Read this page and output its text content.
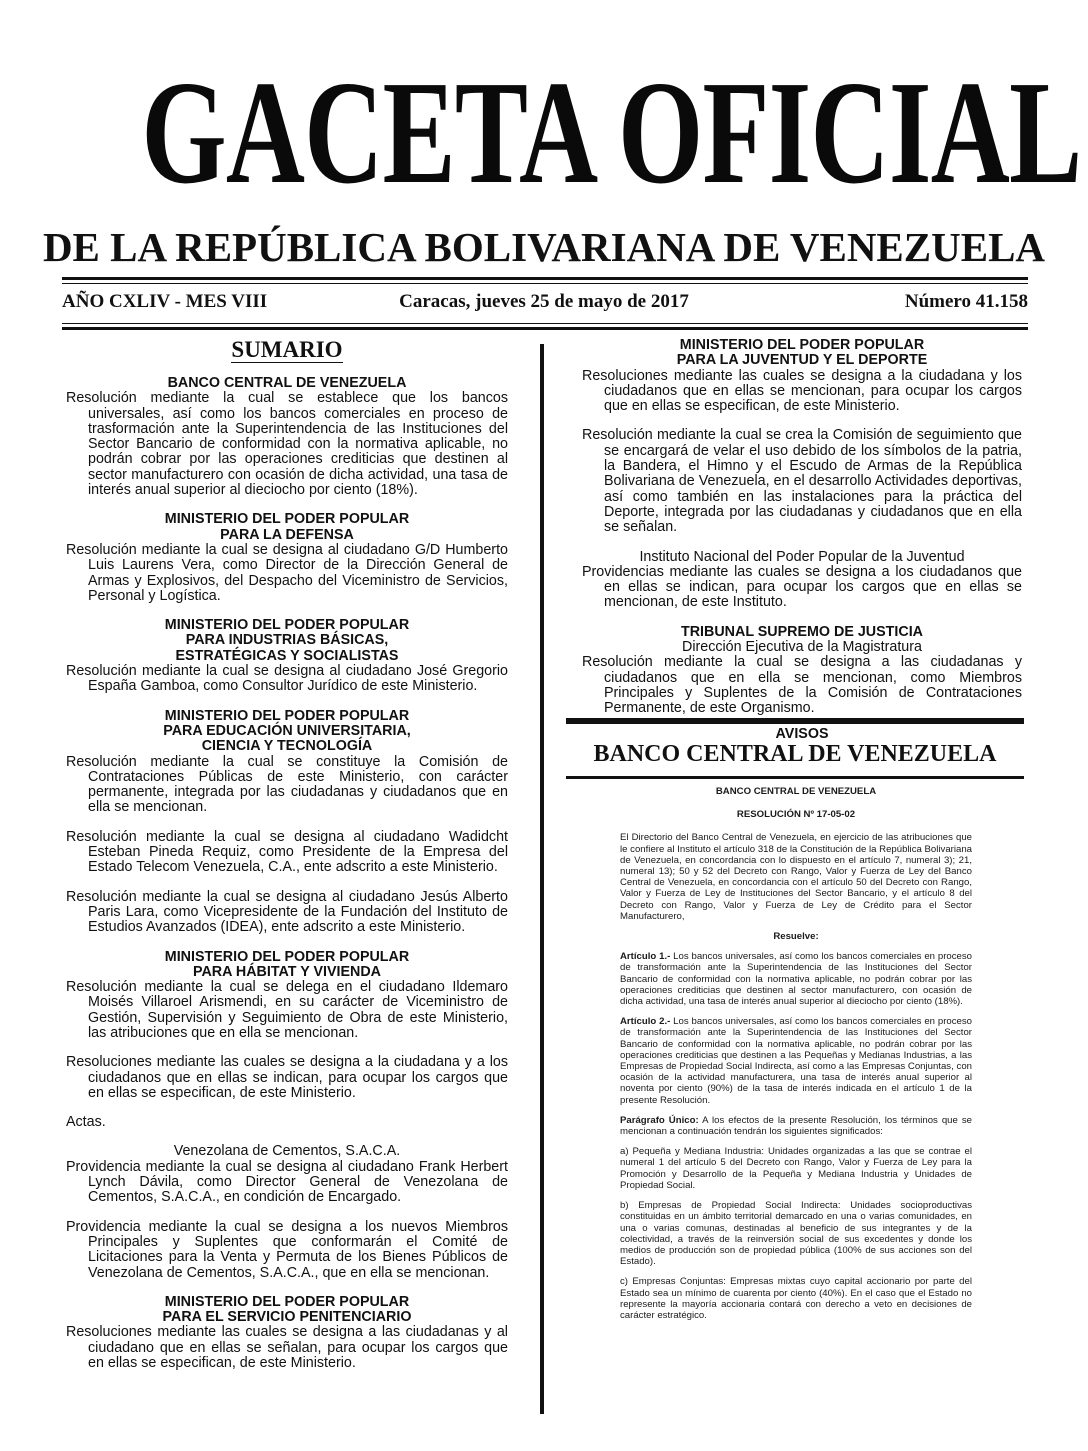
GACETA OFICIAL
DE LA REPÚBLICA BOLIVARIANA DE VENEZUELA
AÑO CXLIV - MES VIII	Caracas, jueves 25 de mayo de 2017	Número 41.158
SUMARIO

BANCO CENTRAL DE VENEZUELA

Resolución mediante la cual se establece que los bancos universales, así como los bancos comerciales en proceso de trasformación ante la Superintendencia de las Instituciones del Sector Bancario de conformidad con la normativa aplicable, no podrán cobrar por las operaciones crediticias que destinen al sector manufacturero con ocasión de dicha actividad, una tasa de interés anual superior al dieciocho por ciento (18%).

MINISTERIO DEL PODER POPULAR

PARA LA DEFENSA

Resolución mediante la cual se designa al ciudadano G/D Humberto Luis Laurens Vera, como Director de la Dirección General de Armas y Explosivos, del Despacho del Viceministro de Servicios, Personal y Logística.

MINISTERIO DEL PODER POPULAR

PARA INDUSTRIAS BÁSICAS,

ESTRATÉGICAS Y SOCIALISTAS

Resolución mediante la cual se designa al ciudadano José Gregorio España Gamboa, como Consultor Jurídico de este Ministerio.

MINISTERIO DEL PODER POPULAR

PARA EDUCACIÓN UNIVERSITARIA,

CIENCIA Y TECNOLOGÍA

Resolución mediante la cual se constituye la Comisión de Contrataciones Públicas de este Ministerio, con carácter permanente, integrada por las ciudadanas y ciudadanos que en ella se mencionan.

Resolución mediante la cual se designa al ciudadano Wadidcht Esteban Pineda Requiz, como Presidente de la Empresa del Estado Telecom Venezuela, C.A., ente adscrito a este Ministerio.

Resolución mediante la cual se designa al ciudadano Jesús Alberto Paris Lara, como Vicepresidente de la Fundación del Instituto de Estudios Avanzados (IDEA), ente adscrito a este Ministerio.

MINISTERIO DEL PODER POPULAR

PARA HÁBITAT Y VIVIENDA

Resolución mediante la cual se delega en el ciudadano Ildemaro Moisés Villaroel Arismendi, en su carácter de Viceministro de Gestión, Supervisión y Seguimiento de Obra de este Ministerio, las atribuciones que en ella se mencionan.

Resoluciones mediante las cuales se designa a la ciudadana y a los ciudadanos que en ellas se indican, para ocupar los cargos que en ellas se especifican, de este Ministerio.

Actas.

Venezolana de Cementos, S.A.C.A.

Providencia mediante la cual se designa al ciudadano Frank Herbert Lynch Dávila, como Director General de Venezolana de Cementos, S.A.C.A., en condición de Encargado.

Providencia mediante la cual se designa a los nuevos Miembros Principales y Suplentes que conformarán el Comité de Licitaciones para la Venta y Permuta de los Bienes Públicos de Venezolana de Cementos, S.A.C.A., que en ella se mencionan.

MINISTERIO DEL PODER POPULAR

PARA EL SERVICIO PENITENCIARIO

Resoluciones mediante las cuales se designa a las ciudadanas y al ciudadano que en ellas se señalan, para ocupar los cargos que en ellas se especifican, de este Ministerio.

MINISTERIO DEL PODER POPULAR

PARA LA JUVENTUD Y EL DEPORTE

Resoluciones mediante las cuales se designa a la ciudadana y los ciudadanos que en ellas se mencionan, para ocupar los cargos que en ellas se especifican, de este Ministerio.

Resolución mediante la cual se crea la Comisión de seguimiento que se encargará de velar el uso debido de los símbolos de la patria, la Bandera, el Himno y el Escudo de Armas de la República Bolivariana de Venezuela, en el desarrollo Actividades deportivas, así como también en las instalaciones para la práctica del Deporte, integrada por las ciudadanas y ciudadanos que en ella se señalan.

Instituto Nacional del Poder Popular de la Juventud

Providencias mediante las cuales se designa a los ciudadanos que en ellas se indican, para ocupar los cargos que en ellas se mencionan, de este Instituto.

TRIBUNAL SUPREMO DE JUSTICIA

Dirección Ejecutiva de la Magistratura

Resolución mediante la cual se designa a las ciudadanas y ciudadanos que en ella se mencionan, como Miembros Principales y Suplentes de la Comisión de Contrataciones Permanente, de este Organismo.

AVISOS

BANCO CENTRAL DE VENEZUELA

BANCO CENTRAL DE VENEZUELA

RESOLUCIÓN Nº 17-05-02

El Directorio del Banco Central de Venezuela, en ejercicio de las atribuciones que le confiere al Instituto el artículo 318 de la Constitución de la República Bolivariana de Venezuela, en concordancia con lo dispuesto en el artículo 7, numeral 3); 21, numeral 13); 50 y 52 del Decreto con Rango, Valor y Fuerza de Ley del Banco Central de Venezuela, en concordancia con el artículo 50 del Decreto con Rango, Valor y Fuerza de Ley de Instituciones del Sector Bancario, y el artículo 8 del Decreto con Rango, Valor y Fuerza de Ley de Crédito para el Sector Manufacturero,

Resuelve:

Artículo 1.- Los bancos universales, así como los bancos comerciales en proceso de transformación ante la Superintendencia de las Instituciones del Sector Bancario de conformidad con la normativa aplicable, no podrán cobrar por las operaciones crediticias que destinen al sector manufacturero, con ocasión de dicha actividad, una tasa de interés anual superior al dieciocho por ciento (18%).

Artículo 2.- Los bancos universales, así como los bancos comerciales en proceso de transformación ante la Superintendencia de las Instituciones del Sector Bancario de conformidad con la normativa aplicable, no podrán cobrar por las operaciones crediticias que destinen a las Pequeñas y Medianas Industrias, a las Empresas de Propiedad Social Indirecta, así como a las Empresas Conjuntas, con ocasión de la actividad manufacturera, una tasa de interés anual superior al noventa por ciento (90%) de la tasa de interés indicada en el artículo 1 de la presente Resolución.

Parágrafo Único: A los efectos de la presente Resolución, los términos que se mencionan a continuación tendrán los siguientes significados:

a) Pequeña y Mediana Industria: Unidades organizadas a las que se contrae el numeral 1 del artículo 5 del Decreto con Rango, Valor y Fuerza de Ley para la Promoción y Desarrollo de la Pequeña y Mediana Industria y Unidades de Propiedad Social.

b) Empresas de Propiedad Social Indirecta: Unidades socioproductivas constituidas en un ámbito territorial demarcado en una o varias comunidades, en una o varias comunas, destinadas al beneficio de sus integrantes y de la colectividad, a través de la reinversión social de sus excedentes y donde los medios de producción son de propiedad pública (100% de sus acciones son del Estado).

c) Empresas Conjuntas: Empresas mixtas cuyo capital accionario por parte del Estado sea un mínimo de cuarenta por ciento (40%). En el caso que el Estado no represente la mayoría accionaria contará con derecho a veto en decisiones de carácter estratégico.
